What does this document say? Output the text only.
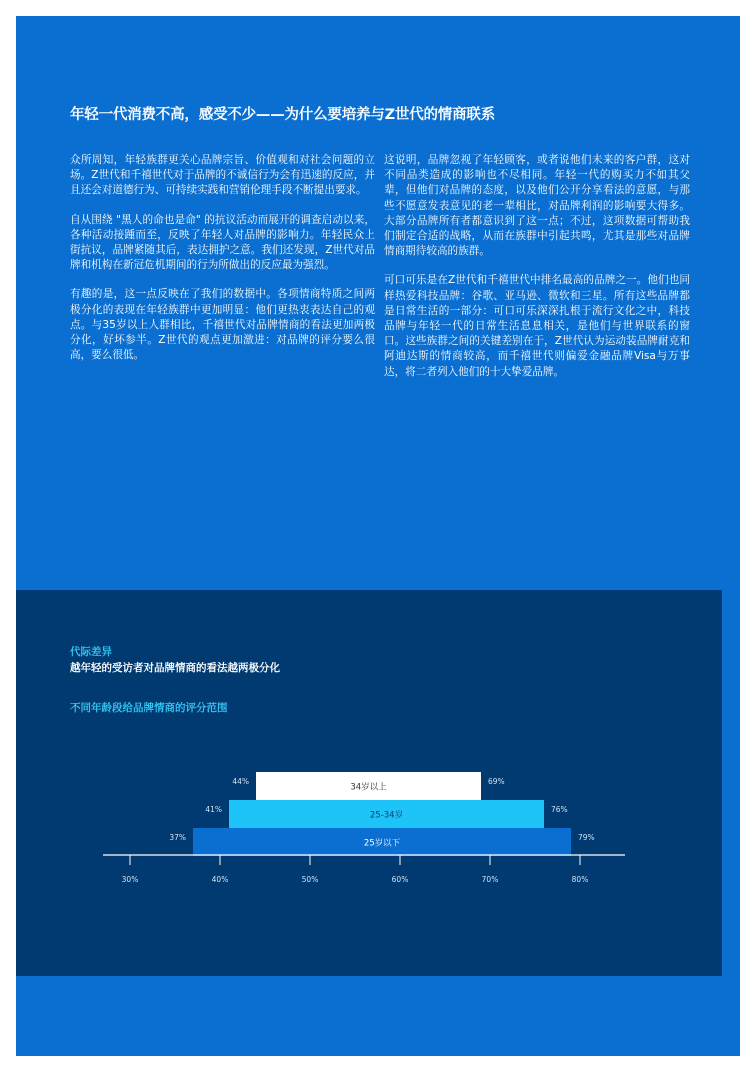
年轻一代消费不高，感受不少——为什么要培养与Z世代的情商联系

众所周知，年轻族群更关心品牌宗旨、价值观和对社会问题的立场。Z世代和千禧世代对于品牌的不诚信行为会有迅速的反应，并且还会对道德行为、可持续实践和营销伦理手段不断提出要求。

自从围绕 "黑人的命也是命" 的抗议活动而展开的调查启动以来，各种活动接踵而至，反映了年轻人对品牌的影响力。年轻民众上街抗议，品牌紧随其后，表达拥护之意。我们还发现，Z世代对品牌和机构在新冠危机期间的行为所做出的反应最为强烈。

有趣的是，这一点反映在了我们的数据中。各项情商特质之间两极分化的表现在年轻族群中更加明显：他们更热衷表达自己的观点。与35岁以上人群相比，千禧世代对品牌情商的看法更加两极分化，好坏参半。Z世代的观点更加激进：对品牌的评分要么很高，要么很低。

这说明，品牌忽视了年轻顾客，或者说他们未来的客户群，这对不同品类造成的影响也不尽相同。年轻一代的购买力不如其父辈，但他们对品牌的态度，以及他们公开分享看法的意愿，与那些不愿意发表意见的老一辈相比，对品牌利润的影响要大得多。大部分品牌所有者都意识到了这一点；不过，这项数据可帮助我们制定合适的战略，从而在族群中引起共鸣，尤其是那些对品牌情商期待较高的族群。

可口可乐是在Z世代和千禧世代中排名最高的品牌之一。他们也同样热爱科技品牌：谷歌、亚马逊、微软和三星。所有这些品牌都是日常生活的一部分：可口可乐深深扎根于流行文化之中，科技品牌与年轻一代的日常生活息息相关，是他们与世界联系的窗口。这些族群之间的关键差别在于，Z世代认为运动装品牌耐克和阿迪达斯的情商较高，而千禧世代则偏爱金融品牌Visa与万事达，将二者列入他们的十大挚爱品牌。

代际差异
越年轻的受访者对品牌情商的看法越两极分化
不同年龄段给品牌情商的评分范围
34岁以上
44%	69%
25-34岁
41%	76%
25岁以下
37%	79%
30%	40%	50%	60%	70%	80%
